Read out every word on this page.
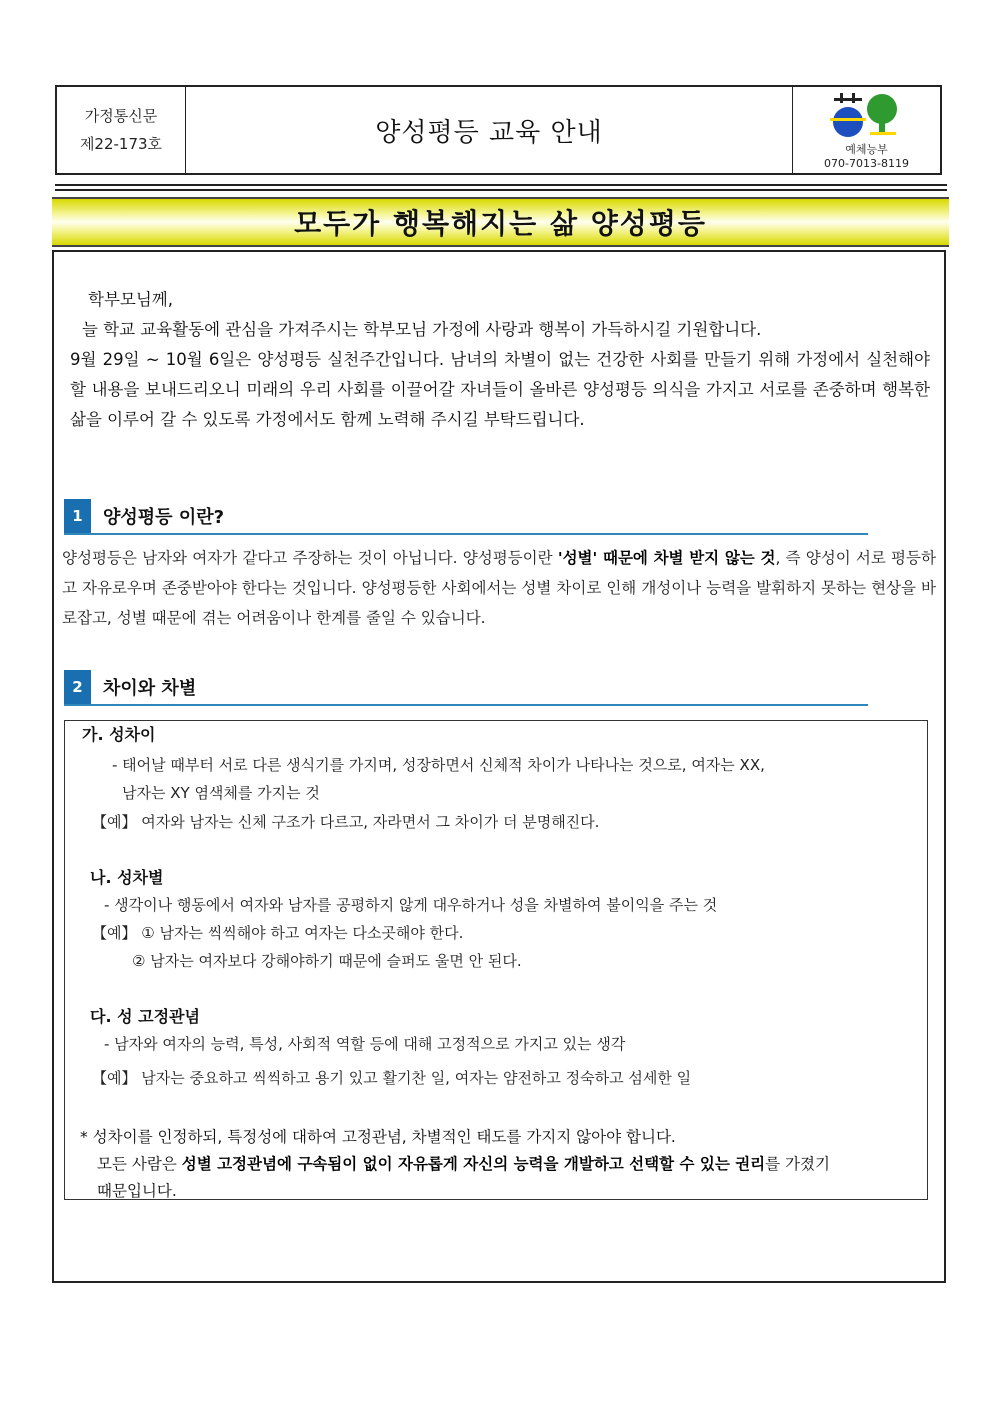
가정통신문
제22-173호	양성평등 교육 안내
예체능부
070-7013-8119
모두가 행복해지는 삶 양성평등

학부모님께,

늘 학교 교육활동에 관심을 가져주시는 학부모님 가정에 사랑과 행복이 가득하시길 기원합니다.

9월 29일 ~ 10월 6일은 양성평등 실천주간입니다. 남녀의 차별이 없는 건강한 사회를 만들기 위해 가정에서 실천해야할 내용을 보내드리오니 미래의 우리 사회를 이끌어갈 자녀들이 올바른 양성평등 의식을 가지고 서로를 존중하며 행복한 삶을 이루어 갈 수 있도록 가정에서도 함께 노력해 주시길 부탁드립니다.

1	양성평등 이란?
양성평등은 남자와 여자가 같다고 주장하는 것이 아닙니다. 양성평등이란 '성별' 때문에 차별 받지 않는 것, 즉 양성이 서로 평등하고 자유로우며 존중받아야 한다는 것입니다. 양성평등한 사회에서는 성별 차이로 인해 개성이나 능력을 발휘하지 못하는 현상을 바로잡고, 성별 때문에 겪는 어려움이나 한계를 줄일 수 있습니다.
2	차이와 차별
가. 성차이
- 태어날 때부터 서로 다른 생식기를 가지며, 성장하면서 신체적 차이가 나타나는 것으로, 여자는 XX,
남자는 XY 염색체를 가지는 것
【예】 여자와 남자는 신체 구조가 다르고, 자라면서 그 차이가 더 분명해진다.
나. 성차별
- 생각이나 행동에서 여자와 남자를 공평하지 않게 대우하거나 성을 차별하여 불이익을 주는 것
【예】 ① 남자는 씩씩해야 하고 여자는 다소곳해야 한다.
② 남자는 여자보다 강해야하기 때문에 슬퍼도 울면 안 된다.
다. 성 고정관념
- 남자와 여자의 능력, 특성, 사회적 역할 등에 대해 고정적으로 가지고 있는 생각
【예】 남자는 중요하고 씩씩하고 용기 있고 활기찬 일, 여자는 얌전하고 정숙하고 섬세한 일
* 성차이를 인정하되, 특정성에 대하여 고정관념, 차별적인 태도를 가지지 않아야 합니다.
모든 사람은 성별 고정관념에 구속됨이 없이 자유롭게 자신의 능력을 개발하고 선택할 수 있는 권리를 가졌기
때문입니다.
